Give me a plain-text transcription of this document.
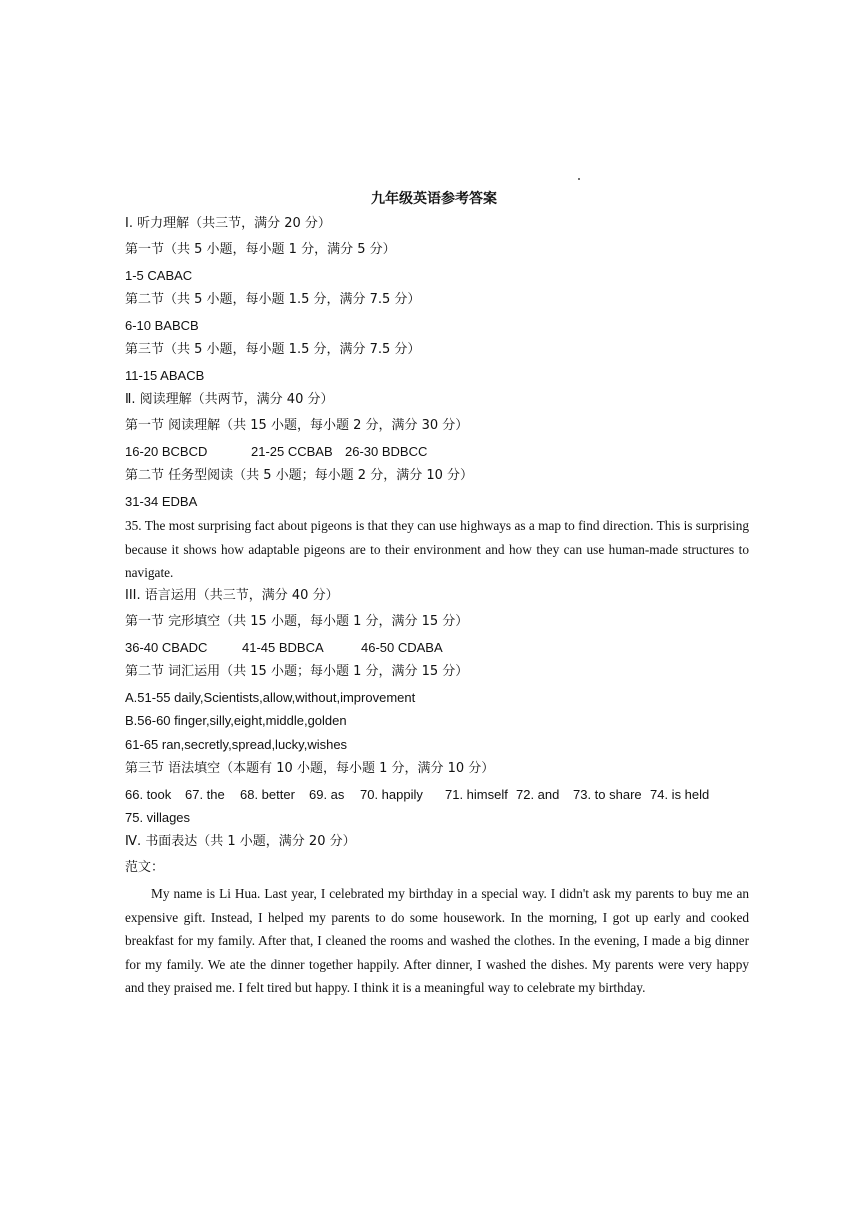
九年级英语参考答案
Ⅰ. 听力理解（共三节，满分 20 分）
第一节（共 5 小题，每小题 1 分，满分 5 分）
1-5 CABAC
第二节（共 5 小题，每小题 1.5 分，满分 7.5 分）
6-10 BABCB
第三节（共 5 小题，每小题 1.5 分，满分 7.5 分）
11-15 ABACB
Ⅱ. 阅读理解（共两节，满分 40 分）
第一节 阅读理解（共 15 小题，每小题 2 分，满分 30 分）
16-20 BCBCD	21-25 CCBAB 26-30 BDBCC
第二节 任务型阅读（共 5 小题；每小题 2 分，满分 10 分）
31-34 EDBA
35. The most surprising fact about pigeons is that they can use highways as a map to find direction. This is surprising because it shows how adaptable pigeons are to their environment and how they can use human-made structures to navigate.
III. 语言运用（共三节，满分 40 分）
第一节 完形填空（共 15 小题，每小题 1 分，满分 15 分）
36-40 CBADC	41-45 BDBCA	46-50 CDABA
第二节 词汇运用（共 15 小题；每小题 1 分，满分 15 分）
A.51-55 daily,Scientists,allow,without,improvement
B.56-60 finger,silly,eight,middle,golden
61-65 ran,secretly,spread,lucky,wishes
第三节 语法填空（本题有 10 小题，每小题 1 分，满分 10 分）
66. took 67. the 68. better 69. as 70. happily 71. himself 72. and 73. to share 74. is held
75. villages
Ⅳ. 书面表达（共 1 小题，满分 20 分）
范文：
My name is Li Hua. Last year, I celebrated my birthday in a special way. I didn't ask my parents to buy me an expensive gift. Instead, I helped my parents to do some housework. In the morning, I got up early and cooked breakfast for my family. After that, I cleaned the rooms and washed the clothes. In the evening, I made a big dinner for my family. We ate the dinner together happily. After dinner, I washed the dishes. My parents were very happy and they praised me. I felt tired but happy. I think it is a meaningful way to celebrate my birthday.
